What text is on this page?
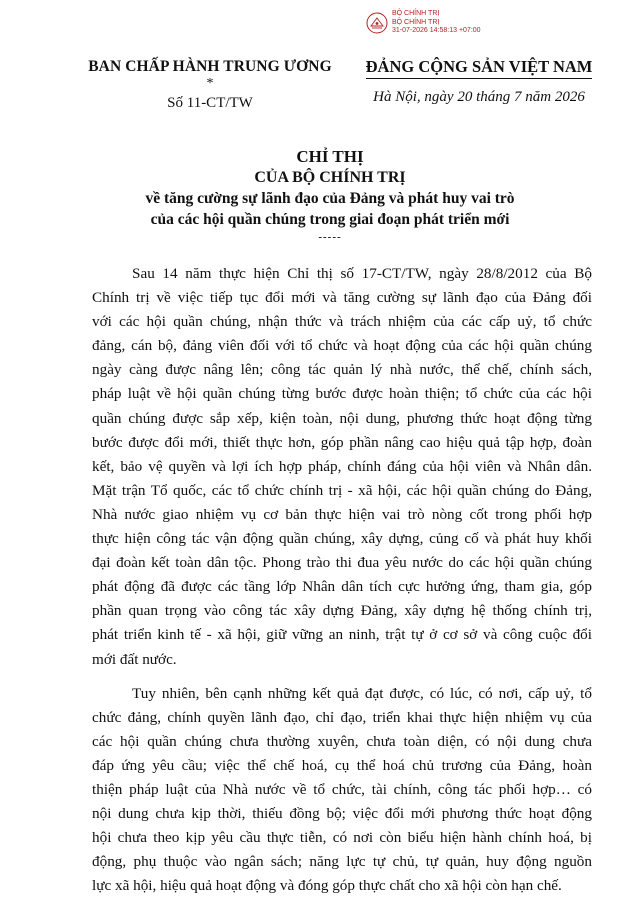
BỘ CHÍNH TRỊ
BỘ CHÍNH TRỊ
31-07-2026 14:58:13 +07:00
BAN CHẤP HÀNH TRUNG ƯƠNG
*
Số 11-CT/TW
ĐẢNG CỘNG SẢN VIỆT NAM
Hà Nội, ngày 20 tháng 7 năm 2026
CHỈ THỊ
CỦA BỘ CHÍNH TRỊ
về tăng cường sự lãnh đạo của Đảng và phát huy vai trò
của các hội quần chúng trong giai đoạn phát triển mới
-----
Sau 14 năm thực hiện Chỉ thị số 17-CT/TW, ngày 28/8/2012 của Bộ
Chính trị về việc tiếp tục đổi mới và tăng cường sự lãnh đạo của Đảng đối
với các hội quần chúng, nhận thức và trách nhiệm của các cấp uỷ, tổ chức
đảng, cán bộ, đảng viên đối với tổ chức và hoạt động của các hội quần chúng
ngày càng được nâng lên; công tác quản lý nhà nước, thể chế, chính sách,
pháp luật về hội quần chúng từng bước được hoàn thiện; tổ chức của các hội
quần chúng được sắp xếp, kiện toàn, nội dung, phương thức hoạt động từng
bước được đổi mới, thiết thực hơn, góp phần nâng cao hiệu quả tập hợp, đoàn
kết, bảo vệ quyền và lợi ích hợp pháp, chính đáng của hội viên và Nhân dân.
Mặt trận Tổ quốc, các tổ chức chính trị - xã hội, các hội quần chúng do Đảng,
Nhà nước giao nhiệm vụ cơ bản thực hiện vai trò nòng cốt trong phối hợp
thực hiện công tác vận động quần chúng, xây dựng, củng cố và phát huy khối
đại đoàn kết toàn dân tộc. Phong trào thi đua yêu nước do các hội quần chúng
phát động đã được các tầng lớp Nhân dân tích cực hưởng ứng, tham gia, góp
phần quan trọng vào công tác xây dựng Đảng, xây dựng hệ thống chính trị,
phát triển kinh tế - xã hội, giữ vững an ninh, trật tự ở cơ sở và công cuộc đổi
mới đất nước.
Tuy nhiên, bên cạnh những kết quả đạt được, có lúc, có nơi, cấp uỷ, tổ
chức đảng, chính quyền lãnh đạo, chỉ đạo, triển khai thực hiện nhiệm vụ của
các hội quần chúng chưa thường xuyên, chưa toàn diện, có nội dung chưa
đáp ứng yêu cầu; việc thể chế hoá, cụ thể hoá chủ trương của Đảng, hoàn
thiện pháp luật của Nhà nước về tổ chức, tài chính, công tác phối hợp… có
nội dung chưa kịp thời, thiếu đồng bộ; việc đổi mới phương thức hoạt động
hội chưa theo kịp yêu cầu thực tiễn, có nơi còn biểu hiện hành chính hoá, bị
động, phụ thuộc vào ngân sách; năng lực tự chủ, tự quản, huy động nguồn
lực xã hội, hiệu quả hoạt động và đóng góp thực chất cho xã hội còn hạn chế.
